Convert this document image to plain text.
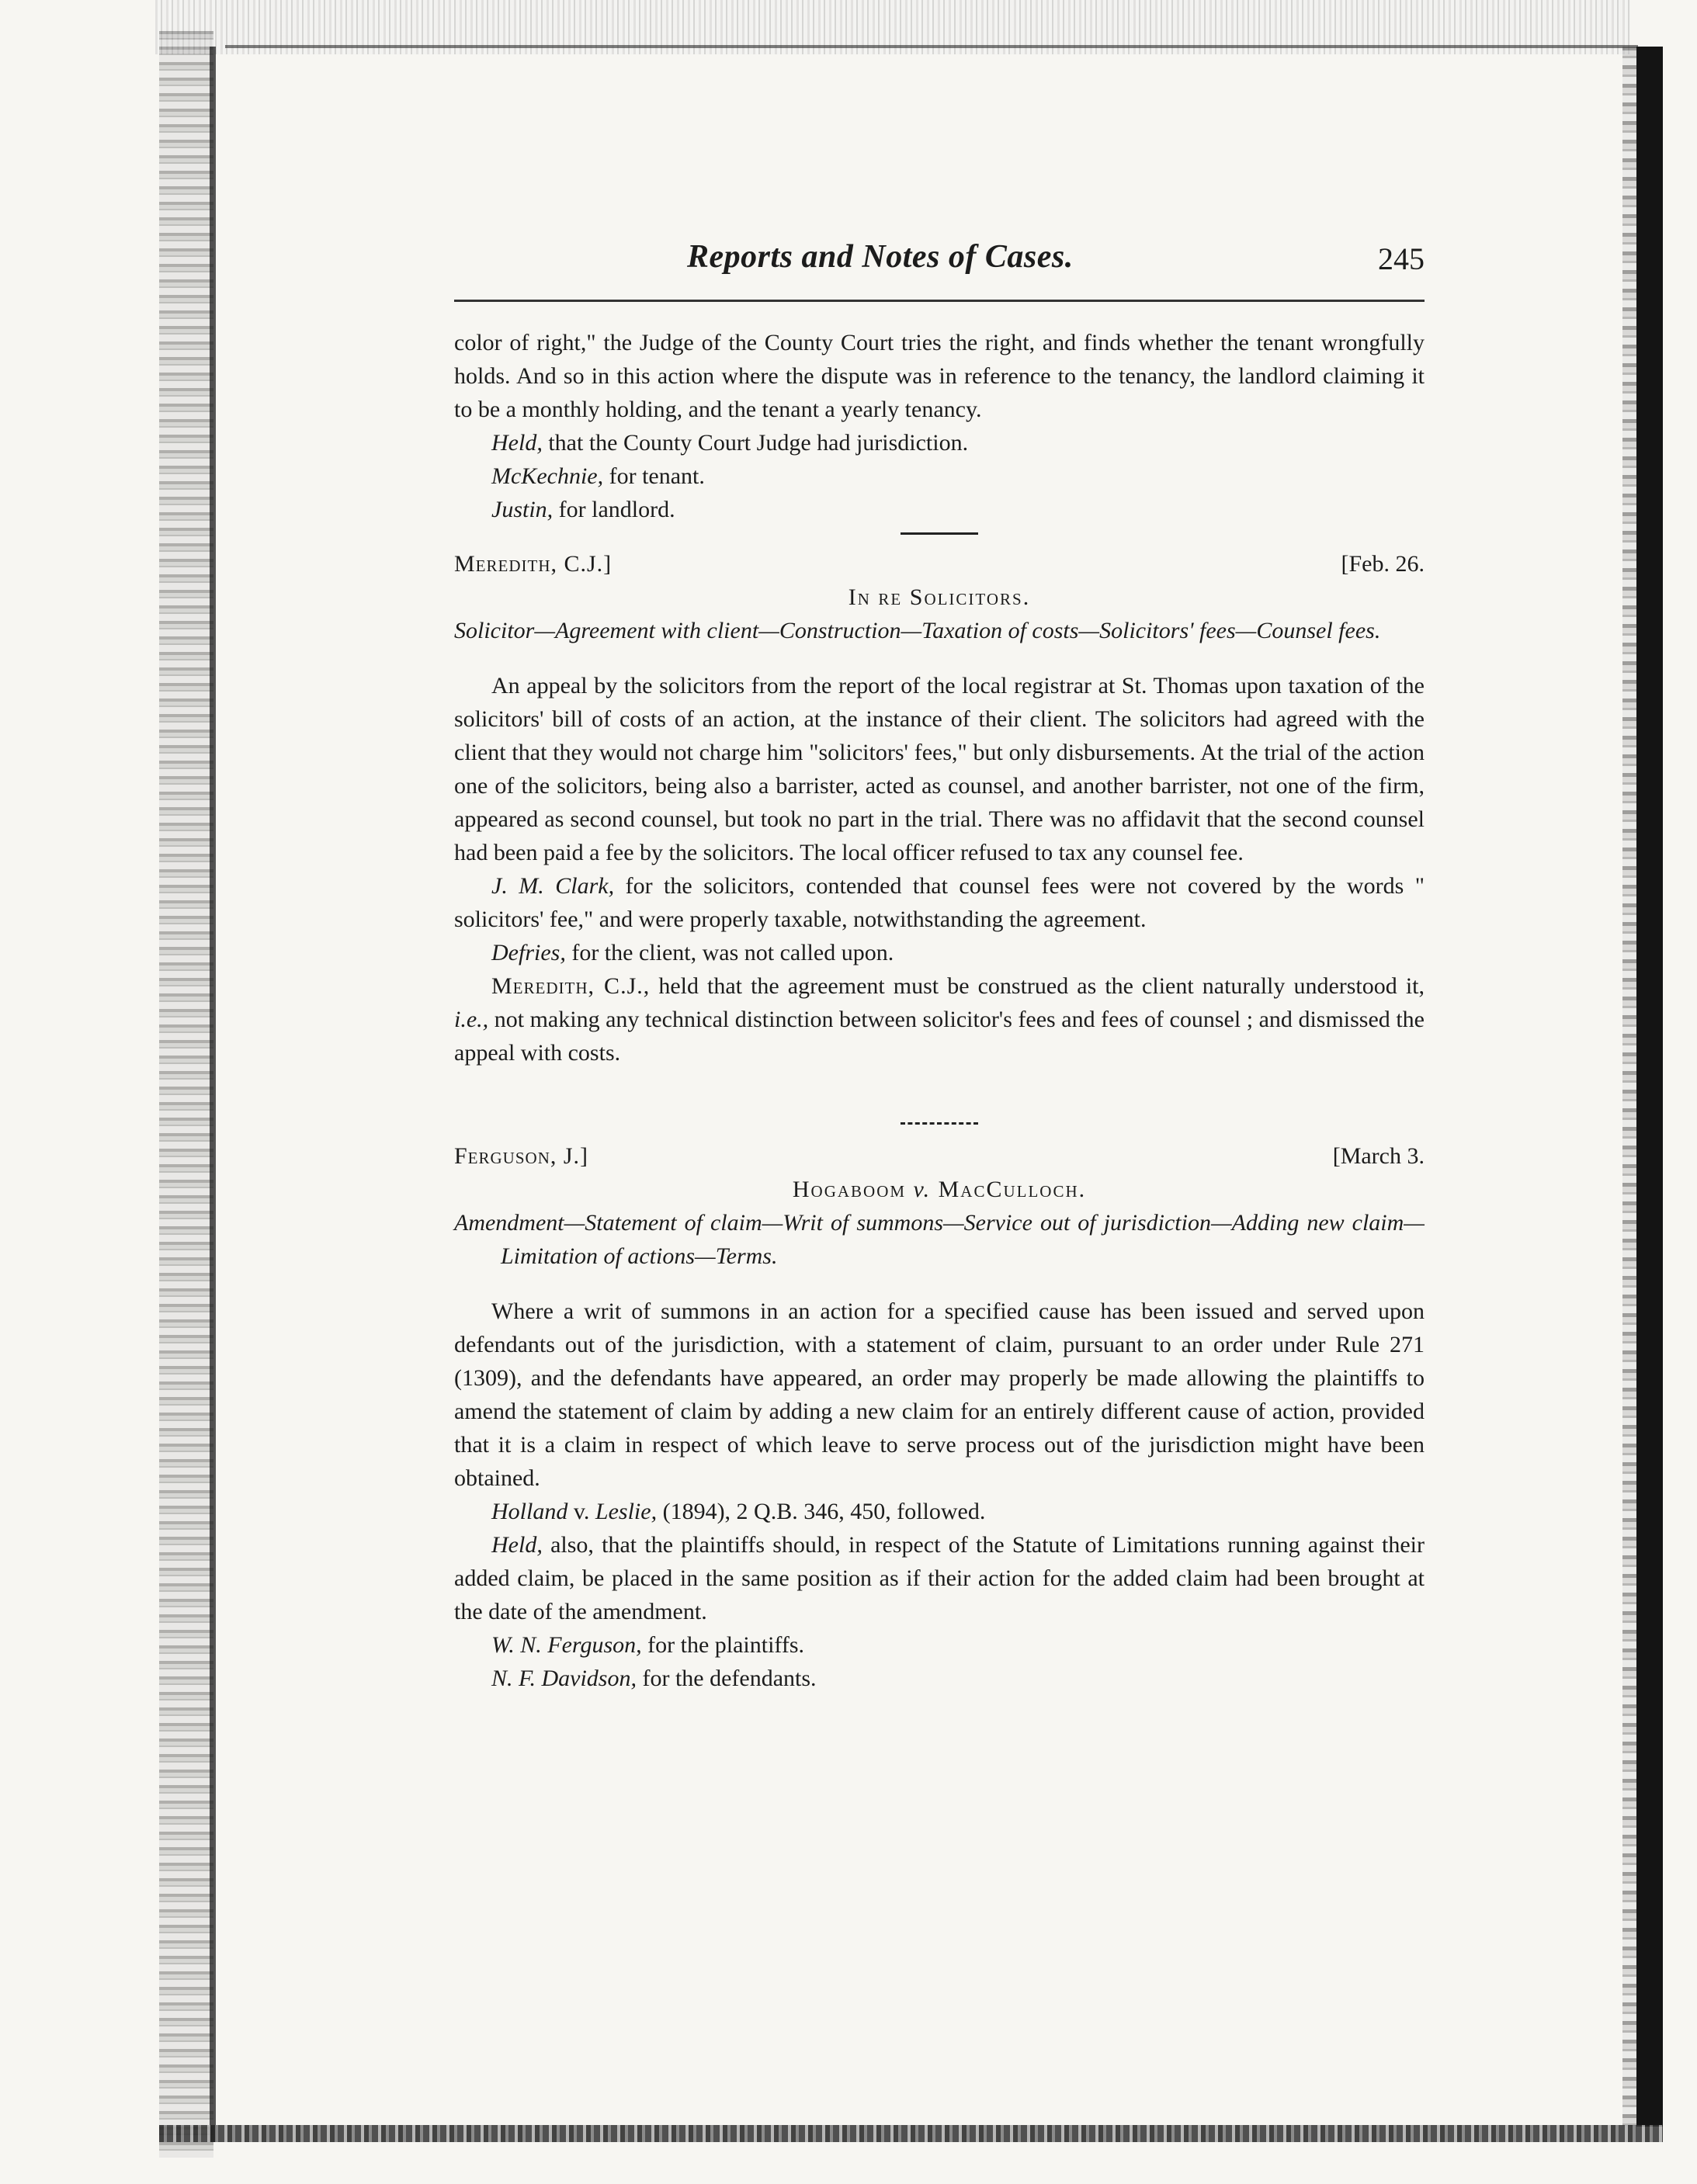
Reports and Notes of Cases.	245

color of right," the Judge of the County Court tries the right, and finds whether the tenant wrongfully holds. And so in this action where the dispute was in reference to the tenancy, the landlord claiming it to be a monthly holding, and the tenant a yearly tenancy.

Held, that the County Court Judge had jurisdiction.

McKechnie, for tenant.

Justin, for landlord.

Meredith, C.J.]	[Feb. 26.
In re Solicitors.

Solicitor—Agreement with client—Construction—Taxation of costs—Solicitors' fees—Counsel fees.

An appeal by the solicitors from the report of the local registrar at St. Thomas upon taxation of the solicitors' bill of costs of an action, at the instance of their client. The solicitors had agreed with the client that they would not charge him "solicitors' fees," but only disbursements. At the trial of the action one of the solicitors, being also a barrister, acted as counsel, and another barrister, not one of the firm, appeared as second counsel, but took no part in the trial. There was no affidavit that the second counsel had been paid a fee by the solicitors. The local officer refused to tax any counsel fee.

J. M. Clark, for the solicitors, contended that counsel fees were not covered by the words " solicitors' fee," and were properly taxable, notwithstanding the agreement.

Defries, for the client, was not called upon.

Meredith, C.J., held that the agreement must be construed as the client naturally understood it, i.e., not making any technical distinction between solicitor's fees and fees of counsel ; and dismissed the appeal with costs.

Ferguson, J.]	[March 3.
Hogaboom v. MacCulloch.

Amendment—Statement of claim—Writ of summons—Service out of jurisdiction—Adding new claim—Limitation of actions—Terms.

Where a writ of summons in an action for a specified cause has been issued and served upon defendants out of the jurisdiction, with a statement of claim, pursuant to an order under Rule 271 (1309), and the defendants have appeared, an order may properly be made allowing the plaintiffs to amend the statement of claim by adding a new claim for an entirely different cause of action, provided that it is a claim in respect of which leave to serve process out of the jurisdiction might have been obtained.

Holland v. Leslie, (1894), 2 Q.B. 346, 450, followed.

Held, also, that the plaintiffs should, in respect of the Statute of Limitations running against their added claim, be placed in the same position as if their action for the added claim had been brought at the date of the amendment.

W. N. Ferguson, for the plaintiffs.

N. F. Davidson, for the defendants.
